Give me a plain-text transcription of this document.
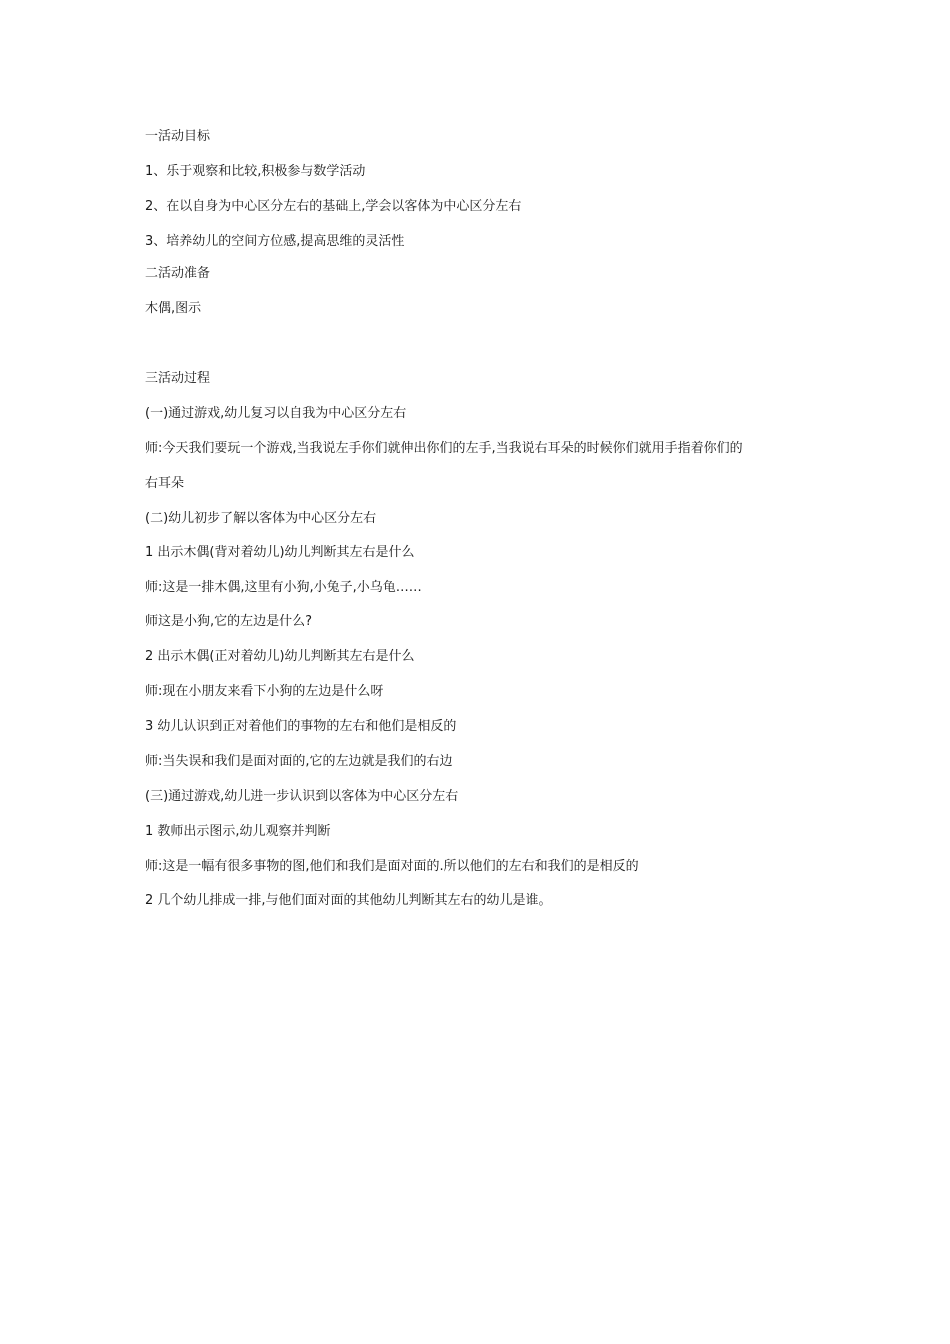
一活动目标
1、乐于观察和比较,积极参与数学活动
2、在以自身为中心区分左右的基础上,学会以客体为中心区分左右
3、培养幼儿的空间方位感,提高思维的灵活性
二活动准备
木偶,图示
三活动过程
(一)通过游戏,幼儿复习以自我为中心区分左右
师:今天我们要玩一个游戏,当我说左手你们就伸出你们的左手,当我说右耳朵的时候你们就用手指着你们的
右耳朵
(二)幼儿初步了解以客体为中心区分左右
1 出示木偶(背对着幼儿)幼儿判断其左右是什么
师:这是一排木偶,这里有小狗,小兔子,小乌龟……
师这是小狗,它的左边是什么?
2 出示木偶(正对着幼儿)幼儿判断其左右是什么
师:现在小朋友来看下小狗的左边是什么呀
3 幼儿认识到正对着他们的事物的左右和他们是相反的
师:当失误和我们是面对面的,它的左边就是我们的右边
(三)通过游戏,幼儿进一步认识到以客体为中心区分左右
1 教师出示图示,幼儿观察并判断
师:这是一幅有很多事物的图,他们和我们是面对面的.所以他们的左右和我们的是相反的
2 几个幼儿排成一排,与他们面对面的其他幼儿判断其左右的幼儿是谁。
